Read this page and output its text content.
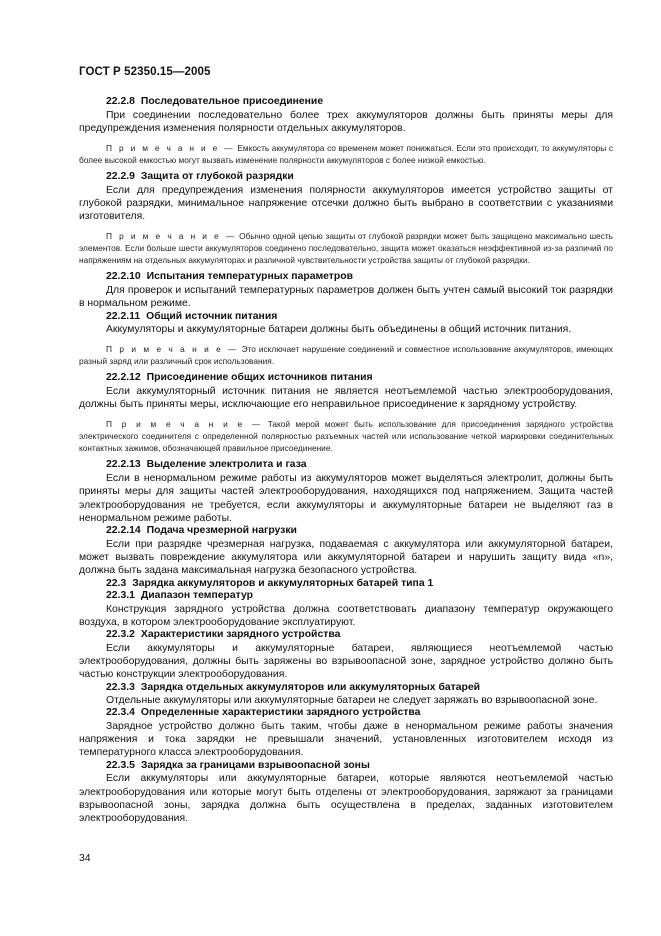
ГОСТ Р 52350.15—2005
22.2.8 Последовательное присоединение

При соединении последовательно более трех аккумуляторов должны быть приняты меры для предупреждения изменения полярности отдельных аккумуляторов.

П р и м е ч а н и е — Емкость аккумулятора со временем может понижаться. Если это происходит, то аккумуляторы с более высокой емкостью могут вызвать изменение полярности аккумуляторов с более низкой емкостью.

22.2.9 Защита от глубокой разрядки

Если для предупреждения изменения полярности аккумуляторов имеется устройство защиты от глубокой разрядки, минимальное напряжение отсечки должно быть выбрано в соответствии с указаниями изготовителя.

П р и м е ч а н и е — Обычно одной цепью защиты от глубокой разрядки может быть защищено максимально шесть элементов. Если больше шести аккумуляторов соединено последовательно, защита может оказаться неэффективной из-за различий по напряжениям на отдельных аккумуляторах и различной чувствительности устройства защиты от глубокой разрядки.

22.2.10 Испытания температурных параметров

Для проверок и испытаний температурных параметров должен быть учтен самый высокий ток разрядки в нормальном режиме.

22.2.11 Общий источник питания

Аккумуляторы и аккумуляторные батареи должны быть объединены в общий источник питания.

П р и м е ч а н и е — Это исключает нарушение соединений и совместное использование аккумуляторов, имеющих разный заряд или различный срок использования.

22.2.12 Присоединение общих источников питания

Если аккумуляторный источник питания не является неотъемлемой частью электрооборудования, должны быть приняты меры, исключающие его неправильное присоединение к зарядному устройству.

П р и м е ч а н и е — Такой мерой может быть использование для присоединения зарядного устройства электрического соединителя с определенной полярностью разъемных частей или использование четкой маркировки соединительных контактных зажимов, обозначающей правильное присоединение.

22.2.13 Выделение электролита и газа

Если в ненормальном режиме работы из аккумуляторов может выделяться электролит, должны быть приняты меры для защиты частей электрооборудования, находящихся под напряжением. Защита частей электрооборудования не требуется, если аккумуляторы и аккумуляторные батареи не выделяют газ в ненормальном режиме работы.

22.2.14 Подача чрезмерной нагрузки

Если при разрядке чрезмерная нагрузка, подаваемая с аккумулятора или аккумуляторной батареи, может вызвать повреждение аккумулятора или аккумуляторной батареи и нарушить защиту вида «n», должна быть задана максимальная нагрузка безопасного устройства.

22.3 Зарядка аккумуляторов и аккумуляторных батарей типа 1
22.3.1 Диапазон температур

Конструкция зарядного устройства должна соответствовать диапазону температур окружающего воздуха, в котором электрооборудование эксплуатируют.

22.3.2 Характеристики зарядного устройства

Если аккумуляторы и аккумуляторные батареи, являющиеся неотъемлемой частью электрооборудования, должны быть заряжены во взрывоопасной зоне, зарядное устройство должно быть частью конструкции электрооборудования.

22.3.3 Зарядка отдельных аккумуляторов или аккумуляторных батарей

Отдельные аккумуляторы или аккумуляторные батареи не следует заряжать во взрывоопасной зоне.

22.3.4 Определенные характеристики зарядного устройства

Зарядное устройство должно быть таким, чтобы даже в ненормальном режиме работы значения напряжения и тока зарядки не превышали значений, установленных изготовителем исходя из температурного класса электрооборудования.

22.3.5 Зарядка за границами взрывоопасной зоны

Если аккумуляторы или аккумуляторные батареи, которые являются неотъемлемой частью электрооборудования или которые могут быть отделены от электрооборудования, заряжают за границами взрывоопасной зоны, зарядка должна быть осуществлена в пределах, заданных изготовителем электрооборудования.

34
